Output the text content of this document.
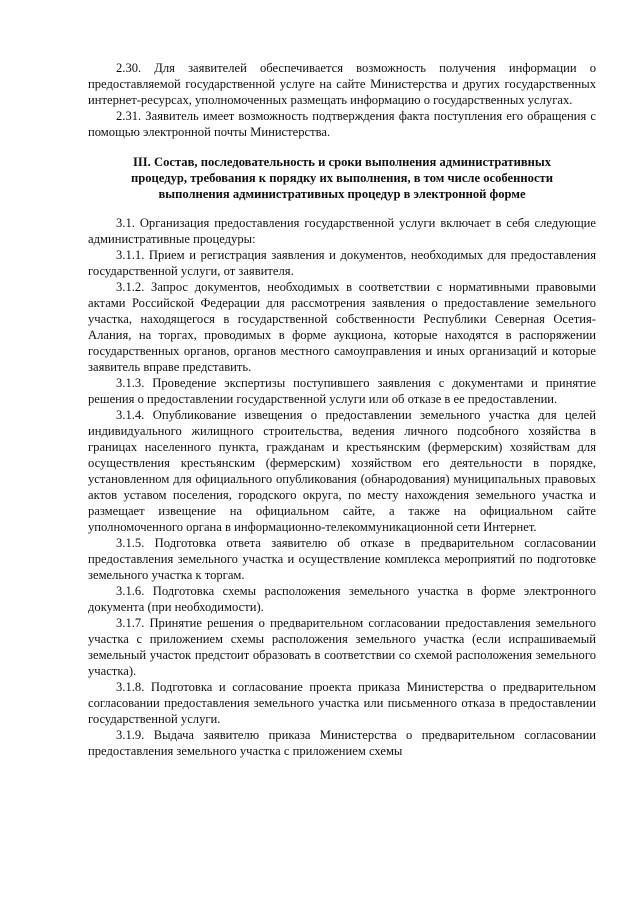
2.30. Для заявителей обеспечивается возможность получения информации о предоставляемой государственной услуге на сайте Министерства и других государственных интернет-ресурсах, уполномоченных размещать информацию о государственных услугах.

2.31. Заявитель имеет возможность подтверждения факта поступления его обращения с помощью электронной почты Министерства.

III. Состав, последовательность и сроки выполнения административных
процедур, требования к порядку их выполнения, в том числе особенности
выполнения административных процедур в электронной форме

3.1. Организация предоставления государственной услуги включает в себя следующие административные процедуры:

3.1.1. Прием и регистрация заявления и документов, необходимых для предоставления государственной услуги, от заявителя.

3.1.2. Запрос документов, необходимых в соответствии с нормативными правовыми актами Российской Федерации для рассмотрения заявления о предоставление земельного участка, находящегося в государственной собственности Республики Северная Осетия-Алания, на торгах, проводимых в форме аукциона, которые находятся в распоряжении государственных органов, органов местного самоуправления и иных организаций и которые заявитель вправе представить.

3.1.3. Проведение экспертизы поступившего заявления с документами и принятие решения о предоставлении государственной услуги или об отказе в ее предоставлении.

3.1.4. Опубликование извещения о предоставлении земельного участка для целей индивидуального жилищного строительства, ведения личного подсобного хозяйства в границах населенного пункта, гражданам и крестьянским (фермерским) хозяйствам для осуществления крестьянским (фермерским) хозяйством его деятельности в порядке, установленном для официального опубликования (обнародования) муниципальных правовых актов уставом поселения, городского округа, по месту нахождения земельного участка и размещает извещение на официальном сайте, а также на официальном сайте уполномоченного органа в информационно-телекоммуникационной сети Интернет.

3.1.5. Подготовка ответа заявителю об отказе в предварительном согласовании предоставления земельного участка и осуществление комплекса мероприятий по подготовке земельного участка к торгам.

3.1.6. Подготовка схемы расположения земельного участка в форме электронного документа (при необходимости).

3.1.7. Принятие решения о предварительном согласовании предоставления земельного участка с приложением схемы расположения земельного участка (если испрашиваемый земельный участок предстоит образовать в соответствии со схемой расположения земельного участка).

3.1.8. Подготовка и согласование проекта приказа Министерства о предварительном согласовании предоставления земельного участка или письменного отказа в предоставлении государственной услуги.

3.1.9. Выдача заявителю приказа Министерства о предварительном согласовании предоставления земельного участка с приложением схемы
